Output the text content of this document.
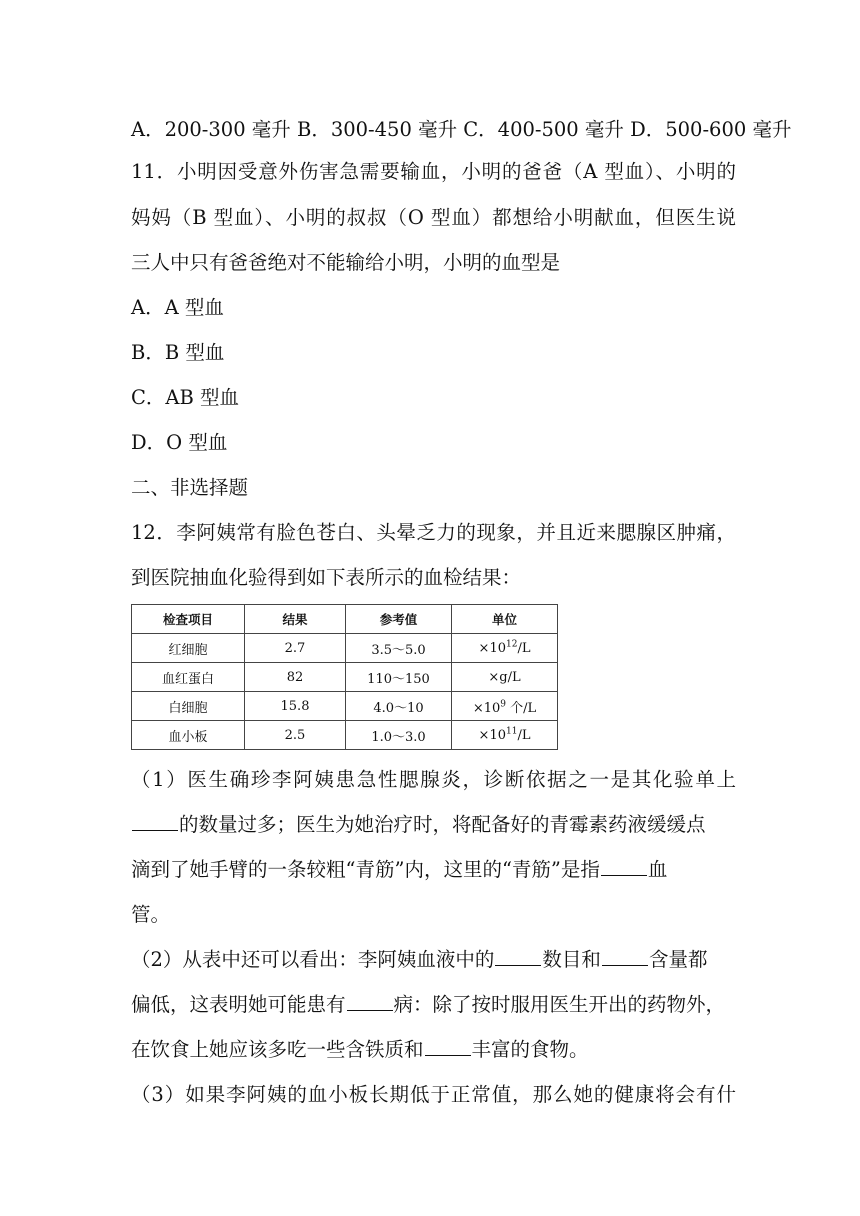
A．200-300 毫升 B．300-450 毫升 C．400-500 毫升 D．500-600 毫升
11．小明因受意外伤害急需要输血，小明的爸爸（A 型血）、小明的
妈妈（B 型血）、小明的叔叔（O 型血）都想给小明献血，但医生说
三人中只有爸爸绝对不能输给小明，小明的血型是
A．A 型血
B．B 型血
C．AB 型血
D．O 型血
二、非选择题
12．李阿姨常有脸色苍白、头晕乏力的现象，并且近来腮腺区肿痛，
到医院抽血化验得到如下表所示的血检结果：
检查项目	结果	参考值	单位
红细胞	2.7	3.5～5.0	$\times 10^{12}/L$
血红蛋白	82	110～150	×g/L
白细胞	15.8	4.0～10	$\times 10^9$ 个/L
血小板	2.5	1.0～3.0	$\times 10^{11}/L$
（1）医生确珍李阿姨患急性腮腺炎，诊断依据之一是其化验单上
的数量过多；医生为她治疗时，将配备好的青霉素药液缓缓点
滴到了她手臂的一条较粗“青筋”内，这里的“青筋”是指 血
管。
（2）从表中还可以看出：李阿姨血液中的 数目和 含量都
偏低，这表明她可能患有 病：除了按时服用医生开出的药物外，
在饮食上她应该多吃一些含铁质和 丰富的食物。
（3）如果李阿姨的血小板长期低于正常值，那么她的健康将会有什
